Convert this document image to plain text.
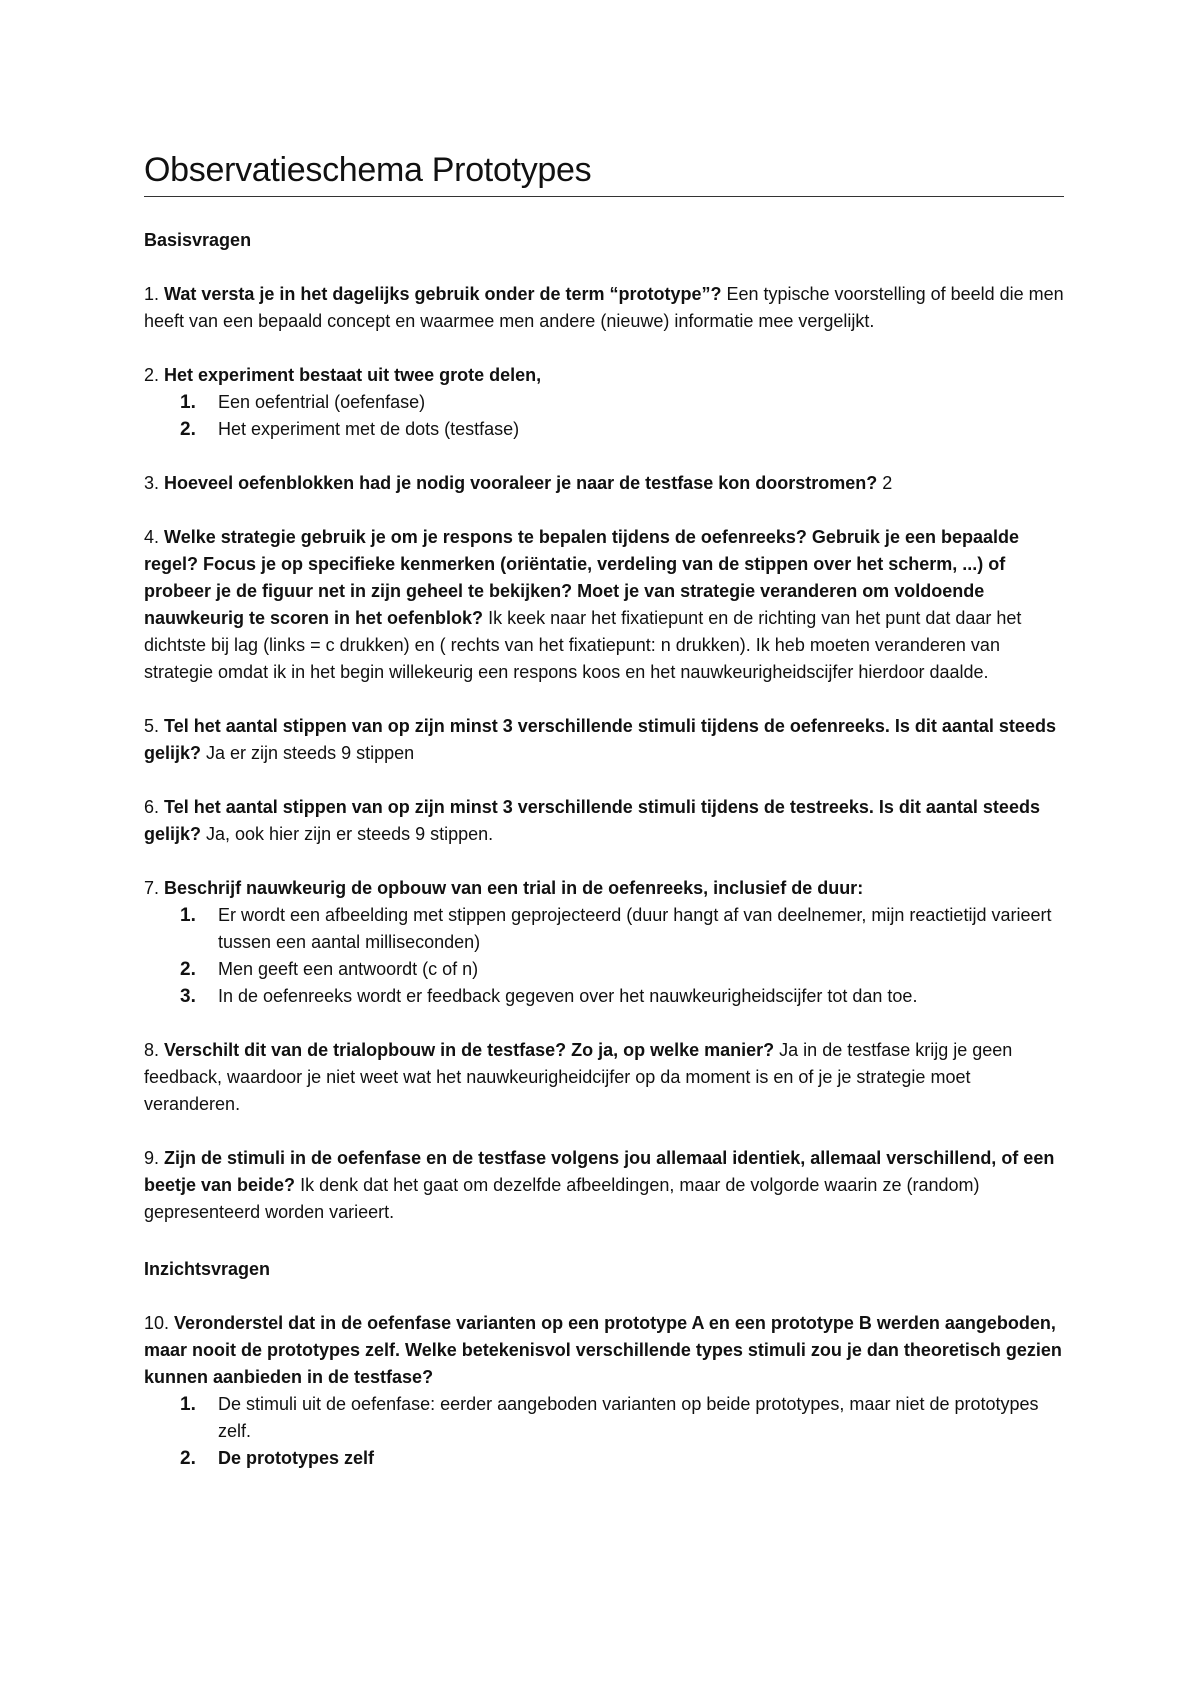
Observatieschema Prototypes

Basisvragen

1. Wat versta je in het dagelijks gebruik onder de term “prototype”? Een typische voorstelling of beeld die men heeft van een bepaald concept en waarmee men andere (nieuwe) informatie mee vergelijkt.

2. Het experiment bestaat uit twee grote delen,
1. Een oefentrial (oefenfase)
2. Het experiment met de dots (testfase)

3. Hoeveel oefenblokken had je nodig vooraleer je naar de testfase kon doorstromen? 2

4. Welke strategie gebruik je om je respons te bepalen tijdens de oefenreeks? Gebruik je een bepaalde regel? Focus je op specifieke kenmerken (oriëntatie, verdeling van de stippen over het scherm, ...) of probeer je de figuur net in zijn geheel te bekijken? Moet je van strategie veranderen om voldoende nauwkeurig te scoren in het oefenblok? Ik keek naar het fixatiepunt en de richting van het punt dat daar het dichtste bij lag (links = c drukken) en ( rechts van het fixatiepunt: n drukken). Ik heb moeten veranderen van strategie omdat ik in het begin willekeurig een respons koos en het nauwkeurigheidscijfer hierdoor daalde.

5. Tel het aantal stippen van op zijn minst 3 verschillende stimuli tijdens de oefenreeks. Is dit aantal steeds gelijk? Ja er zijn steeds 9 stippen

6. Tel het aantal stippen van op zijn minst 3 verschillende stimuli tijdens de testreeks. Is dit aantal steeds gelijk? Ja, ook hier zijn er steeds 9 stippen.

7. Beschrijf nauwkeurig de opbouw van een trial in de oefenreeks, inclusief de duur:
1. Er wordt een afbeelding met stippen geprojecteerd (duur hangt af van deelnemer, mijn reactietijd varieert tussen een aantal milliseconden)
2. Men geeft een antwoordt (c of n)
3. In de oefenreeks wordt er feedback gegeven over het nauwkeurigheidscijfer tot dan toe.

8. Verschilt dit van de trialopbouw in de testfase? Zo ja, op welke manier? Ja in de testfase krijg je geen feedback, waardoor je niet weet wat het nauwkeurigheidcijfer op da moment is en of je je strategie moet veranderen.

9. Zijn de stimuli in de oefenfase en de testfase volgens jou allemaal identiek, allemaal verschillend, of een beetje van beide? Ik denk dat het gaat om dezelfde afbeeldingen, maar de volgorde waarin ze (random) gepresenteerd worden varieert.

Inzichtsvragen

10. Veronderstel dat in de oefenfase varianten op een prototype A en een prototype B werden aangeboden, maar nooit de prototypes zelf. Welke betekenisvol verschillende types stimuli zou je dan theoretisch gezien kunnen aanbieden in de testfase?
1. De stimuli uit de oefenfase: eerder aangeboden varianten op beide prototypes, maar niet de prototypes zelf.
2. De prototypes zelf
